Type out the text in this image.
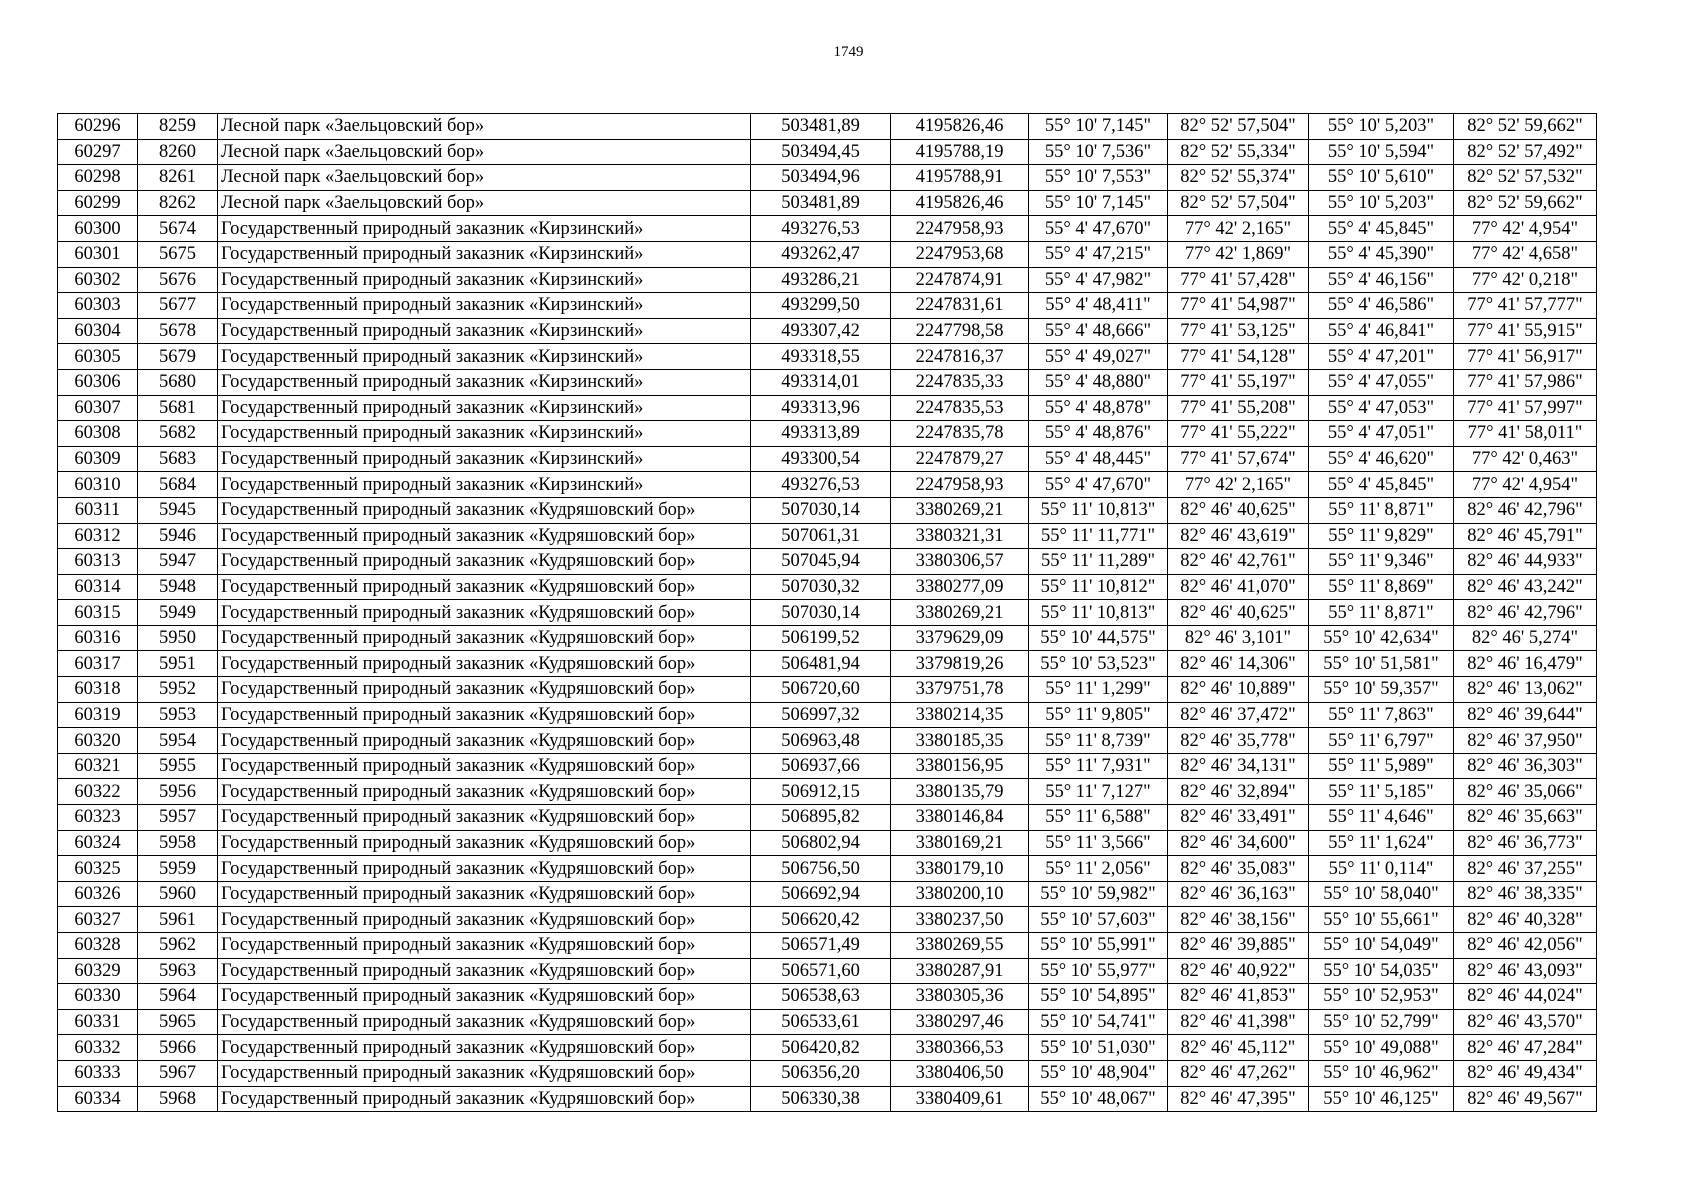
1749
60296	8259	Лесной парк «Заельцовский бор»	503481,89	4195826,46	55° 10' 7,145"	82° 52' 57,504"	55° 10' 5,203"	82° 52' 59,662"
60297	8260	Лесной парк «Заельцовский бор»	503494,45	4195788,19	55° 10' 7,536"	82° 52' 55,334"	55° 10' 5,594"	82° 52' 57,492"
60298	8261	Лесной парк «Заельцовский бор»	503494,96	4195788,91	55° 10' 7,553"	82° 52' 55,374"	55° 10' 5,610"	82° 52' 57,532"
60299	8262	Лесной парк «Заельцовский бор»	503481,89	4195826,46	55° 10' 7,145"	82° 52' 57,504"	55° 10' 5,203"	82° 52' 59,662"
60300	5674	Государственный природный заказник «Кирзинский»	493276,53	2247958,93	55° 4' 47,670"	77° 42' 2,165"	55° 4' 45,845"	77° 42' 4,954"
60301	5675	Государственный природный заказник «Кирзинский»	493262,47	2247953,68	55° 4' 47,215"	77° 42' 1,869"	55° 4' 45,390"	77° 42' 4,658"
60302	5676	Государственный природный заказник «Кирзинский»	493286,21	2247874,91	55° 4' 47,982"	77° 41' 57,428"	55° 4' 46,156"	77° 42' 0,218"
60303	5677	Государственный природный заказник «Кирзинский»	493299,50	2247831,61	55° 4' 48,411"	77° 41' 54,987"	55° 4' 46,586"	77° 41' 57,777"
60304	5678	Государственный природный заказник «Кирзинский»	493307,42	2247798,58	55° 4' 48,666"	77° 41' 53,125"	55° 4' 46,841"	77° 41' 55,915"
60305	5679	Государственный природный заказник «Кирзинский»	493318,55	2247816,37	55° 4' 49,027"	77° 41' 54,128"	55° 4' 47,201"	77° 41' 56,917"
60306	5680	Государственный природный заказник «Кирзинский»	493314,01	2247835,33	55° 4' 48,880"	77° 41' 55,197"	55° 4' 47,055"	77° 41' 57,986"
60307	5681	Государственный природный заказник «Кирзинский»	493313,96	2247835,53	55° 4' 48,878"	77° 41' 55,208"	55° 4' 47,053"	77° 41' 57,997"
60308	5682	Государственный природный заказник «Кирзинский»	493313,89	2247835,78	55° 4' 48,876"	77° 41' 55,222"	55° 4' 47,051"	77° 41' 58,011"
60309	5683	Государственный природный заказник «Кирзинский»	493300,54	2247879,27	55° 4' 48,445"	77° 41' 57,674"	55° 4' 46,620"	77° 42' 0,463"
60310	5684	Государственный природный заказник «Кирзинский»	493276,53	2247958,93	55° 4' 47,670"	77° 42' 2,165"	55° 4' 45,845"	77° 42' 4,954"
60311	5945	Государственный природный заказник «Кудряшовский бор»	507030,14	3380269,21	55° 11' 10,813"	82° 46' 40,625"	55° 11' 8,871"	82° 46' 42,796"
60312	5946	Государственный природный заказник «Кудряшовский бор»	507061,31	3380321,31	55° 11' 11,771"	82° 46' 43,619"	55° 11' 9,829"	82° 46' 45,791"
60313	5947	Государственный природный заказник «Кудряшовский бор»	507045,94	3380306,57	55° 11' 11,289"	82° 46' 42,761"	55° 11' 9,346"	82° 46' 44,933"
60314	5948	Государственный природный заказник «Кудряшовский бор»	507030,32	3380277,09	55° 11' 10,812"	82° 46' 41,070"	55° 11' 8,869"	82° 46' 43,242"
60315	5949	Государственный природный заказник «Кудряшовский бор»	507030,14	3380269,21	55° 11' 10,813"	82° 46' 40,625"	55° 11' 8,871"	82° 46' 42,796"
60316	5950	Государственный природный заказник «Кудряшовский бор»	506199,52	3379629,09	55° 10' 44,575"	82° 46' 3,101"	55° 10' 42,634"	82° 46' 5,274"
60317	5951	Государственный природный заказник «Кудряшовский бор»	506481,94	3379819,26	55° 10' 53,523"	82° 46' 14,306"	55° 10' 51,581"	82° 46' 16,479"
60318	5952	Государственный природный заказник «Кудряшовский бор»	506720,60	3379751,78	55° 11' 1,299"	82° 46' 10,889"	55° 10' 59,357"	82° 46' 13,062"
60319	5953	Государственный природный заказник «Кудряшовский бор»	506997,32	3380214,35	55° 11' 9,805"	82° 46' 37,472"	55° 11' 7,863"	82° 46' 39,644"
60320	5954	Государственный природный заказник «Кудряшовский бор»	506963,48	3380185,35	55° 11' 8,739"	82° 46' 35,778"	55° 11' 6,797"	82° 46' 37,950"
60321	5955	Государственный природный заказник «Кудряшовский бор»	506937,66	3380156,95	55° 11' 7,931"	82° 46' 34,131"	55° 11' 5,989"	82° 46' 36,303"
60322	5956	Государственный природный заказник «Кудряшовский бор»	506912,15	3380135,79	55° 11' 7,127"	82° 46' 32,894"	55° 11' 5,185"	82° 46' 35,066"
60323	5957	Государственный природный заказник «Кудряшовский бор»	506895,82	3380146,84	55° 11' 6,588"	82° 46' 33,491"	55° 11' 4,646"	82° 46' 35,663"
60324	5958	Государственный природный заказник «Кудряшовский бор»	506802,94	3380169,21	55° 11' 3,566"	82° 46' 34,600"	55° 11' 1,624"	82° 46' 36,773"
60325	5959	Государственный природный заказник «Кудряшовский бор»	506756,50	3380179,10	55° 11' 2,056"	82° 46' 35,083"	55° 11' 0,114"	82° 46' 37,255"
60326	5960	Государственный природный заказник «Кудряшовский бор»	506692,94	3380200,10	55° 10' 59,982"	82° 46' 36,163"	55° 10' 58,040"	82° 46' 38,335"
60327	5961	Государственный природный заказник «Кудряшовский бор»	506620,42	3380237,50	55° 10' 57,603"	82° 46' 38,156"	55° 10' 55,661"	82° 46' 40,328"
60328	5962	Государственный природный заказник «Кудряшовский бор»	506571,49	3380269,55	55° 10' 55,991"	82° 46' 39,885"	55° 10' 54,049"	82° 46' 42,056"
60329	5963	Государственный природный заказник «Кудряшовский бор»	506571,60	3380287,91	55° 10' 55,977"	82° 46' 40,922"	55° 10' 54,035"	82° 46' 43,093"
60330	5964	Государственный природный заказник «Кудряшовский бор»	506538,63	3380305,36	55° 10' 54,895"	82° 46' 41,853"	55° 10' 52,953"	82° 46' 44,024"
60331	5965	Государственный природный заказник «Кудряшовский бор»	506533,61	3380297,46	55° 10' 54,741"	82° 46' 41,398"	55° 10' 52,799"	82° 46' 43,570"
60332	5966	Государственный природный заказник «Кудряшовский бор»	506420,82	3380366,53	55° 10' 51,030"	82° 46' 45,112"	55° 10' 49,088"	82° 46' 47,284"
60333	5967	Государственный природный заказник «Кудряшовский бор»	506356,20	3380406,50	55° 10' 48,904"	82° 46' 47,262"	55° 10' 46,962"	82° 46' 49,434"
60334	5968	Государственный природный заказник «Кудряшовский бор»	506330,38	3380409,61	55° 10' 48,067"	82° 46' 47,395"	55° 10' 46,125"	82° 46' 49,567"
